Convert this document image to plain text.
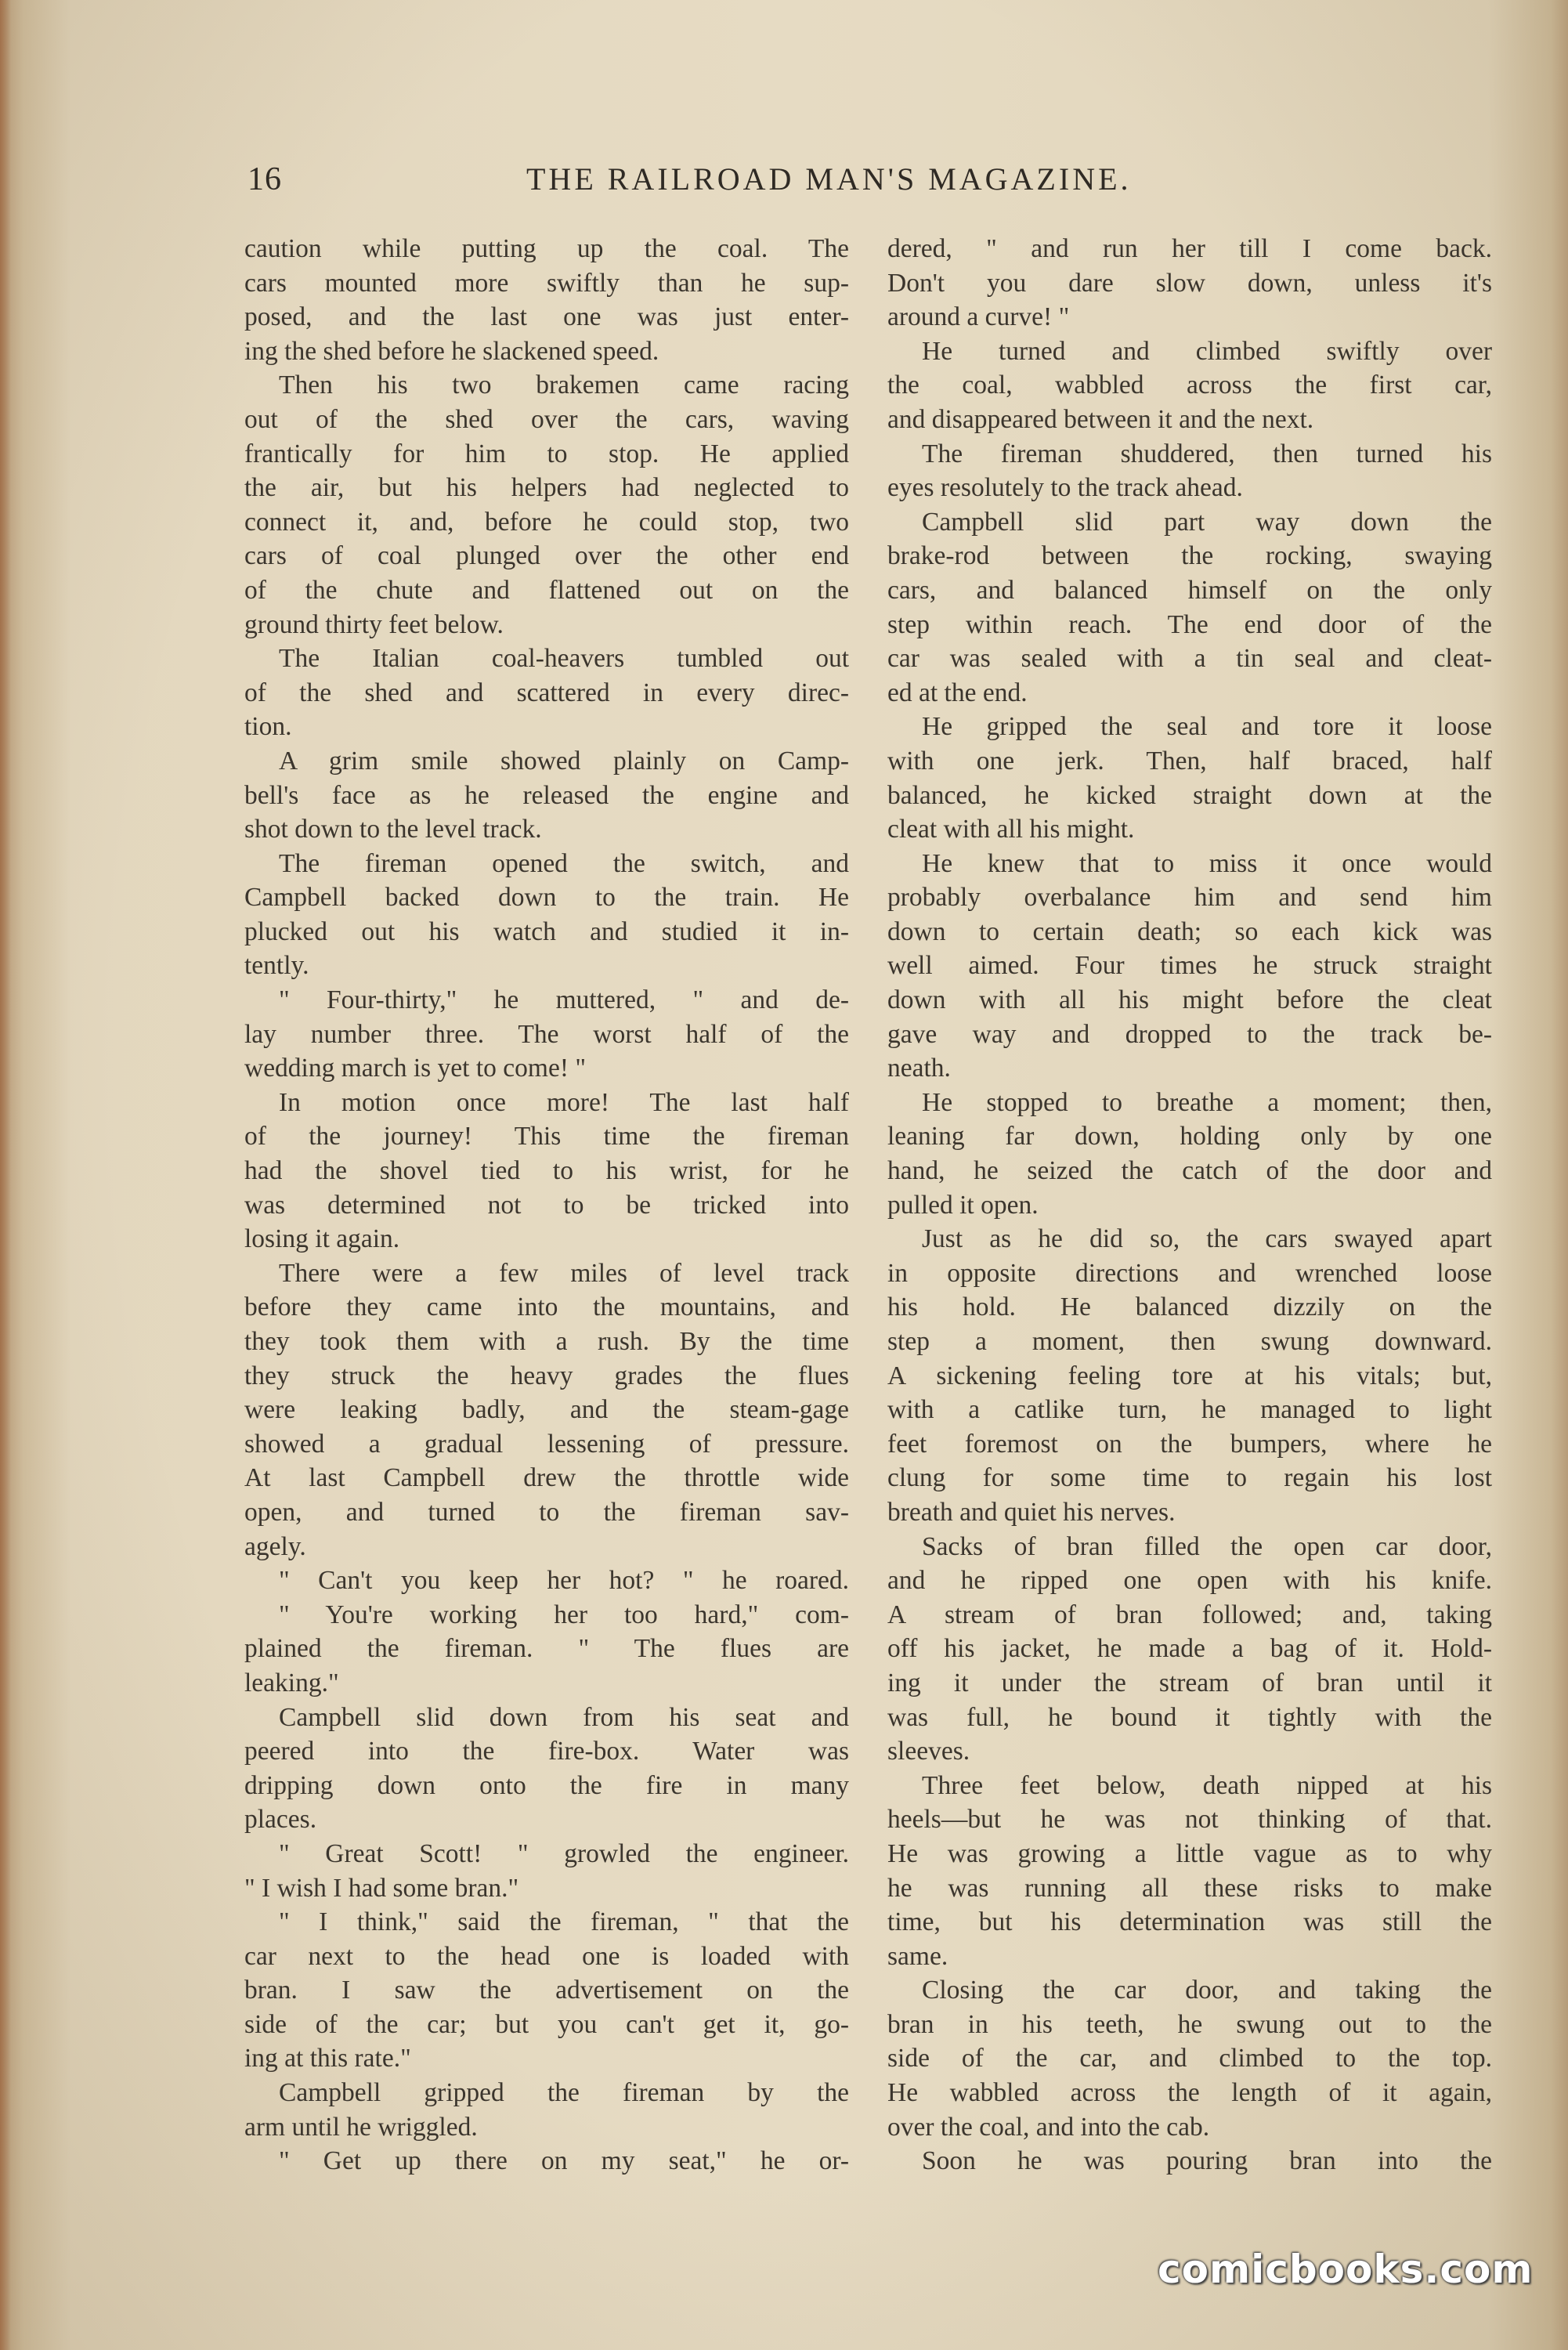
16	THE RAILROAD MAN'S MAGAZINE.
caution while putting up the coal. The
cars mounted more swiftly than he sup-
posed, and the last one was just enter-
ing the shed before he slackened speed.
Then his two brakemen came racing
out of the shed over the cars, waving
frantically for him to stop. He applied
the air, but his helpers had neglected to
connect it, and, before he could stop, two
cars of coal plunged over the other end
of the chute and flattened out on the
ground thirty feet below.
The Italian coal-heavers tumbled out
of the shed and scattered in every direc-
tion.
A grim smile showed plainly on Camp-
bell's face as he released the engine and
shot down to the level track.
The fireman opened the switch, and
Campbell backed down to the train. He
plucked out his watch and studied it in-
tently.
" Four-thirty," he muttered, " and de-
lay number three. The worst half of the
wedding march is yet to come! "
In motion once more! The last half
of the journey! This time the fireman
had the shovel tied to his wrist, for he
was determined not to be tricked into
losing it again.
There were a few miles of level track
before they came into the mountains, and
they took them with a rush. By the time
they struck the heavy grades the flues
were leaking badly, and the steam-gage
showed a gradual lessening of pressure.
At last Campbell drew the throttle wide
open, and turned to the fireman sav-
agely.
" Can't you keep her hot? " he roared.
" You're working her too hard," com-
plained the fireman. " The flues are
leaking."
Campbell slid down from his seat and
peered into the fire-box. Water was
dripping down onto the fire in many
places.
" Great Scott! " growled the engineer.
" I wish I had some bran."
" I think," said the fireman, " that the
car next to the head one is loaded with
bran. I saw the advertisement on the
side of the car; but you can't get it, go-
ing at this rate."
Campbell gripped the fireman by the
arm until he wriggled.
" Get up there on my seat," he or-
dered, " and run her till I come back.
Don't you dare slow down, unless it's
around a curve! "
He turned and climbed swiftly over
the coal, wabbled across the first car,
and disappeared between it and the next.
The fireman shuddered, then turned his
eyes resolutely to the track ahead.
Campbell slid part way down the
brake-rod between the rocking, swaying
cars, and balanced himself on the only
step within reach. The end door of the
car was sealed with a tin seal and cleat-
ed at the end.
He gripped the seal and tore it loose
with one jerk. Then, half braced, half
balanced, he kicked straight down at the
cleat with all his might.
He knew that to miss it once would
probably overbalance him and send him
down to certain death; so each kick was
well aimed. Four times he struck straight
down with all his might before the cleat
gave way and dropped to the track be-
neath.
He stopped to breathe a moment; then,
leaning far down, holding only by one
hand, he seized the catch of the door and
pulled it open.
Just as he did so, the cars swayed apart
in opposite directions and wrenched loose
his hold. He balanced dizzily on the
step a moment, then swung downward.
A sickening feeling tore at his vitals; but,
with a catlike turn, he managed to light
feet foremost on the bumpers, where he
clung for some time to regain his lost
breath and quiet his nerves.
Sacks of bran filled the open car door,
and he ripped one open with his knife.
A stream of bran followed; and, taking
off his jacket, he made a bag of it. Hold-
ing it under the stream of bran until it
was full, he bound it tightly with the
sleeves.
Three feet below, death nipped at his
heels—but he was not thinking of that.
He was growing a little vague as to why
he was running all these risks to make
time, but his determination was still the
same.
Closing the car door, and taking the
bran in his teeth, he swung out to the
side of the car, and climbed to the top.
He wabbled across the length of it again,
over the coal, and into the cab.
Soon he was pouring bran into the
comicbooks.com
